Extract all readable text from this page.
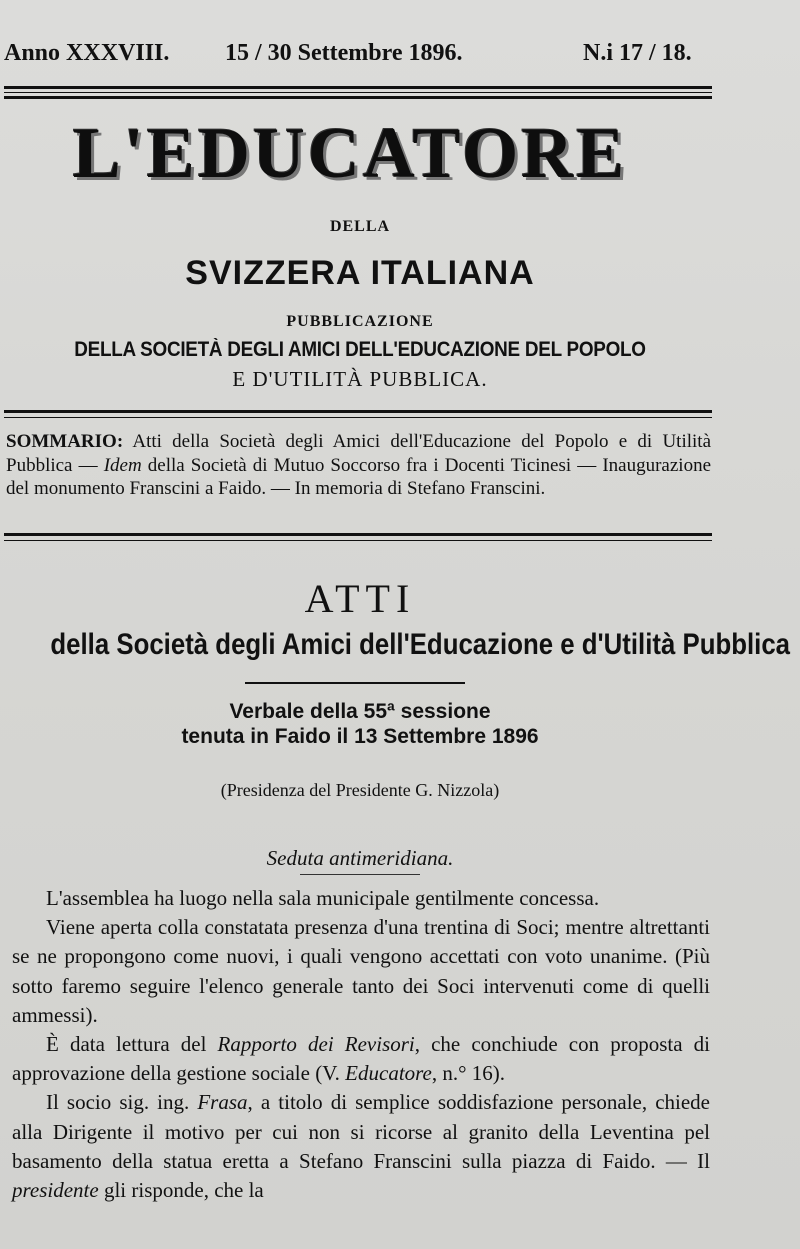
Anno XXXVIII. 15 / 30 Settembre 1896.	N.i 17 / 18.
L'EDUCATORE
DELLA
SVIZZERA ITALIANA
PUBBLICAZIONE
DELLA SOCIETÀ DEGLI AMICI DELL'EDUCAZIONE DEL POPOLO
E D'UTILITÀ PUBBLICA.
SOMMARIO: Atti della Società degli Amici dell'Educazione del Popolo e di Utilità Pubblica — Idem della Società di Mutuo Soccorso fra i Docenti Ticinesi — Inaugurazione del monumento Franscini a Faido. — In memoria di Stefano Franscini.
ATTI
della Società degli Amici dell'Educazione e d'Utilità Pubblica
Verbale della 55ª sessione
tenuta in Faido il 13 Settembre 1896
(Presidenza del Presidente G. Nizzola)
Seduta antimeridiana.

L'assemblea ha luogo nella sala municipale gentilmente concessa.

Viene aperta colla constatata presenza d'una trentina di Soci; mentre altrettanti se ne propongono come nuovi, i quali vengono accettati con voto unanime. (Più sotto faremo seguire l'elenco generale tanto dei Soci intervenuti come di quelli ammessi).

È data lettura del Rapporto dei Revisori, che conchiude con proposta di approvazione della gestione sociale (V. Educatore, n.° 16).

Il socio sig. ing. Frasa, a titolo di semplice soddisfazione personale, chiede alla Dirigente il motivo per cui non si ricorse al granito della Leventina pel basamento della statua eretta a Stefano Franscini sulla piazza di Faido. — Il presidente gli risponde, che la
